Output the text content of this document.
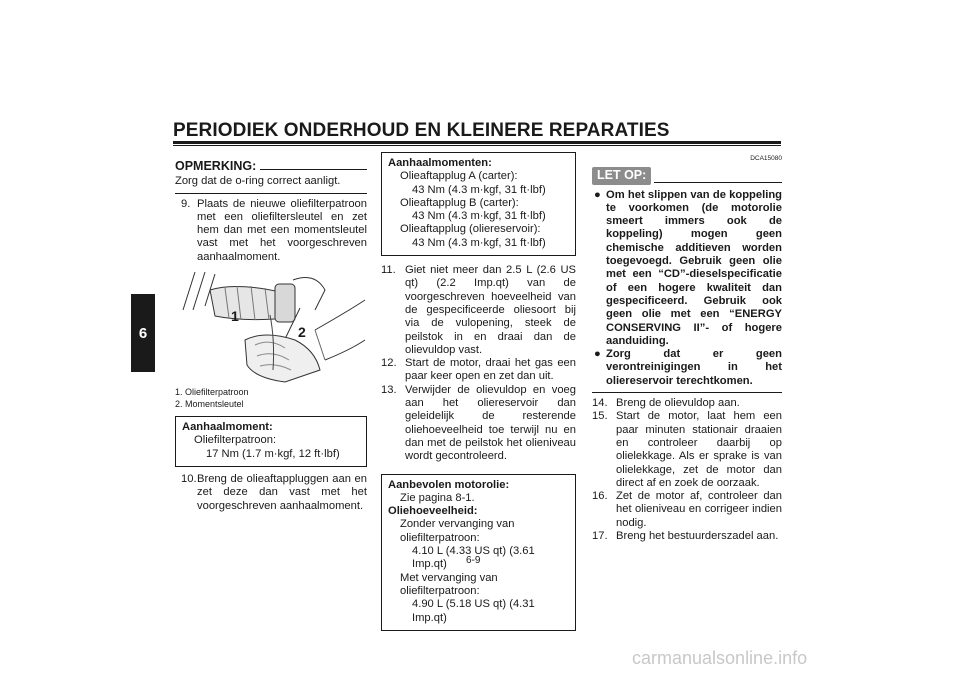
PERIODIEK ONDERHOUD EN KLEINERE REPARATIES
6
OPMERKING:
Zorg dat de o-ring correct aanligt.
9. Plaats de nieuwe oliefilterpatroon met een oliefiltersleutel en zet hem dan met een momentsleutel vast met het voorgeschreven aanhaalmoment.
1
2
1. Oliefilterpatroon
2. Momentsleutel
Aanhaalmoment:
Oliefilterpatroon:
17 Nm (1.7 m·kgf, 12 ft·lbf)
10. Breng de olieaftappluggen aan en zet deze dan vast met het voorgeschreven aanhaalmoment.
Aanhaalmomenten:
Olieaftapplug A (carter):
43 Nm (4.3 m·kgf, 31 ft·lbf)
Olieaftapplug B (carter):
43 Nm (4.3 m·kgf, 31 ft·lbf)
Olieaftapplug (oliereservoir):
43 Nm (4.3 m·kgf, 31 ft·lbf)
11. Giet niet meer dan 2.5 L (2.6 US qt) (2.2 Imp.qt) van de voorgeschreven hoeveelheid van de gespecificeerde oliesoort bij via de vulopening, steek de peilstok in en draai dan de olievuldop vast.
12. Start de motor, draai het gas een paar keer open en zet dan uit.
13. Verwijder de olievuldop en voeg aan het oliereservoir dan geleidelijk de resterende oliehoeveelheid toe terwijl nu en dan met de peilstok het olieniveau wordt gecontroleerd.
Aanbevolen motorolie:
Zie pagina 8-1.
Oliehoeveelheid:
Zonder vervanging van oliefilterpatroon:
4.10 L (4.33 US qt) (3.61 Imp.qt)
Met vervanging van oliefilterpatroon:
4.90 L (5.18 US qt) (4.31 Imp.qt)
DCA15080
LET OP:
● Om het slippen van de koppeling te voorkomen (de motorolie smeert immers ook de koppeling) mogen geen chemische additieven worden toegevoegd. Gebruik geen olie met een “CD”-dieselspecificatie of een hogere kwaliteit dan gespecificeerd. Gebruik ook geen olie met een “ENERGY CONSERVING II”- of hogere aanduiding.
● Zorg dat er geen verontreinigingen in het oliereservoir terechtkomen.
14. Breng de olievuldop aan.
15. Start de motor, laat hem een paar minuten stationair draaien en controleer daarbij op olielekkage. Als er sprake is van olielekkage, zet de motor dan direct af en zoek de oorzaak.
16. Zet de motor af, controleer dan het olieniveau en corrigeer indien nodig.
17. Breng het bestuurderszadel aan.
6-9
carmanualsonline.info
